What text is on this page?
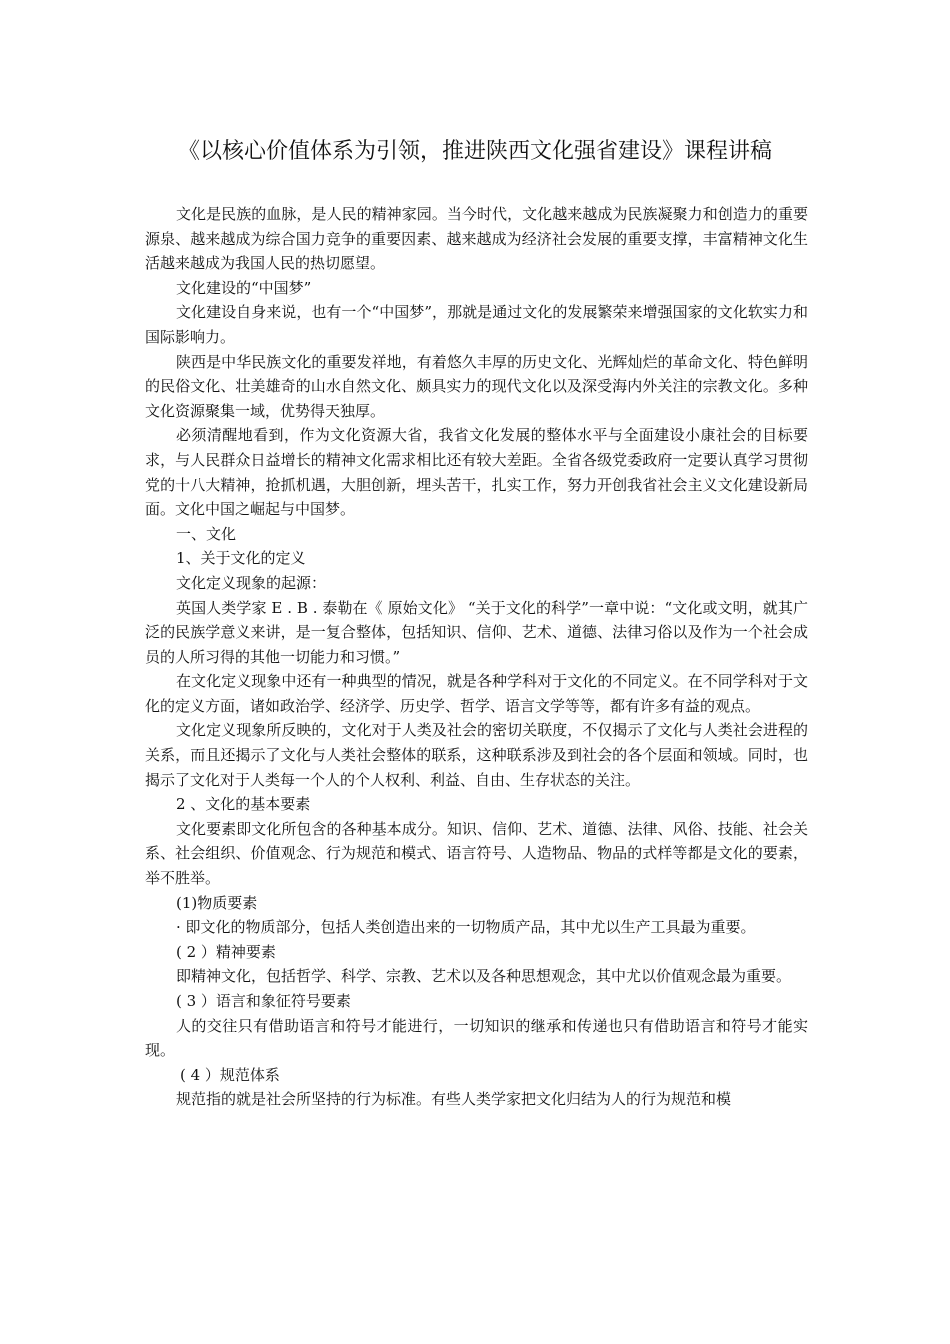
《以核心价值体系为引领，推进陕西文化强省建设》课程讲稿

文化是民族的血脉，是人民的精神家园。当今时代，文化越来越成为民族凝聚力和创造力的重要源泉、越来越成为综合国力竞争的重要因素、越来越成为经济社会发展的重要支撑，丰富精神文化生活越来越成为我国人民的热切愿望。

文化建设的“中国梦”

文化建设自身来说，也有一个“中国梦”，那就是通过文化的发展繁荣来增强国家的文化软实力和国际影响力。

陕西是中华民族文化的重要发祥地，有着悠久丰厚的历史文化、光辉灿烂的革命文化、特色鲜明的民俗文化、壮美雄奇的山水自然文化、颇具实力的现代文化以及深受海内外关注的宗教文化。多种文化资源聚集一域，优势得天独厚。

必须清醒地看到，作为文化资源大省，我省文化发展的整体水平与全面建设小康社会的目标要求，与人民群众日益增长的精神文化需求相比还有较大差距。全省各级党委政府一定要认真学习贯彻党的十八大精神，抢抓机遇，大胆创新，埋头苦干，扎实工作，努力开创我省社会主义文化建设新局面。文化中国之崛起与中国梦。

一、文化

1、关于文化的定义

文化定义现象的起源：

英国人类学家 E . B . 泰勒在《 原始文化》 “关于文化的科学”一章中说：“文化或文明，就其广泛的民族学意义来讲，是一复合整体，包括知识、信仰、艺术、道德、法律习俗以及作为一个社会成员的人所习得的其他一切能力和习惯。”

在文化定义现象中还有一种典型的情况，就是各种学科对于文化的不同定义。在不同学科对于文化的定义方面，诸如政治学、经济学、历史学、哲学、语言文学等等，都有许多有益的观点。

文化定义现象所反映的，文化对于人类及社会的密切关联度，不仅揭示了文化与人类社会进程的关系，而且还揭示了文化与人类社会整体的联系，这种联系涉及到社会的各个层面和领域。同时，也揭示了文化对于人类每一个人的个人权利、利益、自由、生存状态的关注。

2 、文化的基本要素

文化要素即文化所包含的各种基本成分。知识、信仰、艺术、道德、法律、风俗、技能、社会关系、社会组织、价值观念、行为规范和模式、语言符号、人造物品、物品的式样等都是文化的要素，举不胜举。

(1)物质要素

· 即文化的物质部分，包括人类创造出来的一切物质产品，其中尤以生产工具最为重要。

( 2 ）精神要素

即精神文化，包括哲学、科学、宗教、艺术以及各种思想观念，其中尤以价值观念最为重要。

( 3 ）语言和象征符号要素

人的交往只有借助语言和符号才能进行，一切知识的继承和传递也只有借助语言和符号才能实现。

( 4 ）规范体系

规范指的就是社会所坚持的行为标准。有些人类学家把文化归结为人的行为规范和模
